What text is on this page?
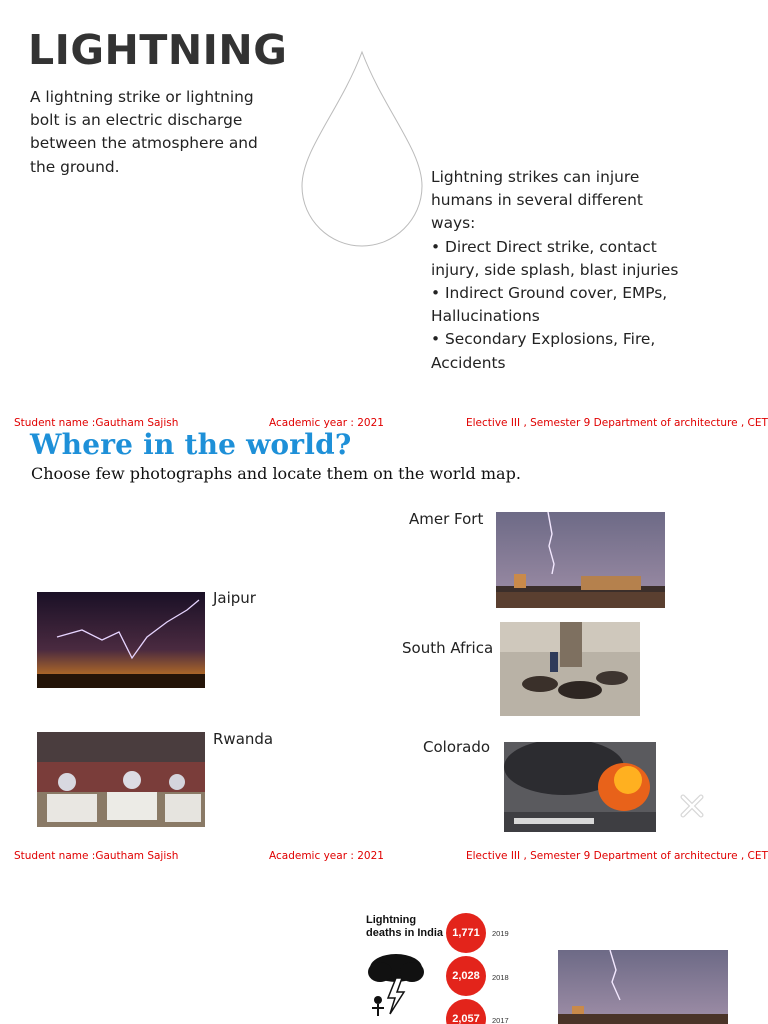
LIGHTNING
A lightning strike or lightning
bolt is an electric discharge
between the atmosphere and
the ground.
Lightning strikes can injure
humans in several different
ways:
• Direct Direct strike, contact
injury, side splash, blast injuries
• Indirect Ground cover, EMPs,
Hallucinations
• Secondary Explosions, Fire,
Accidents
Student name :Gautham Sajish	Academic year : 2021	Elective III , Semester 9 Department of architecture , CET
Where in the world?
Choose few photographs and locate them on the world map.
Amer Fort
Jaipur
South Africa
Rwanda	Colorado
Student name :Gautham Sajish	Academic year : 2021	Elective III , Semester 9 Department of architecture , CET
Lightning
deaths in India 1,771	2019
2,028	2018
2,057	2017
